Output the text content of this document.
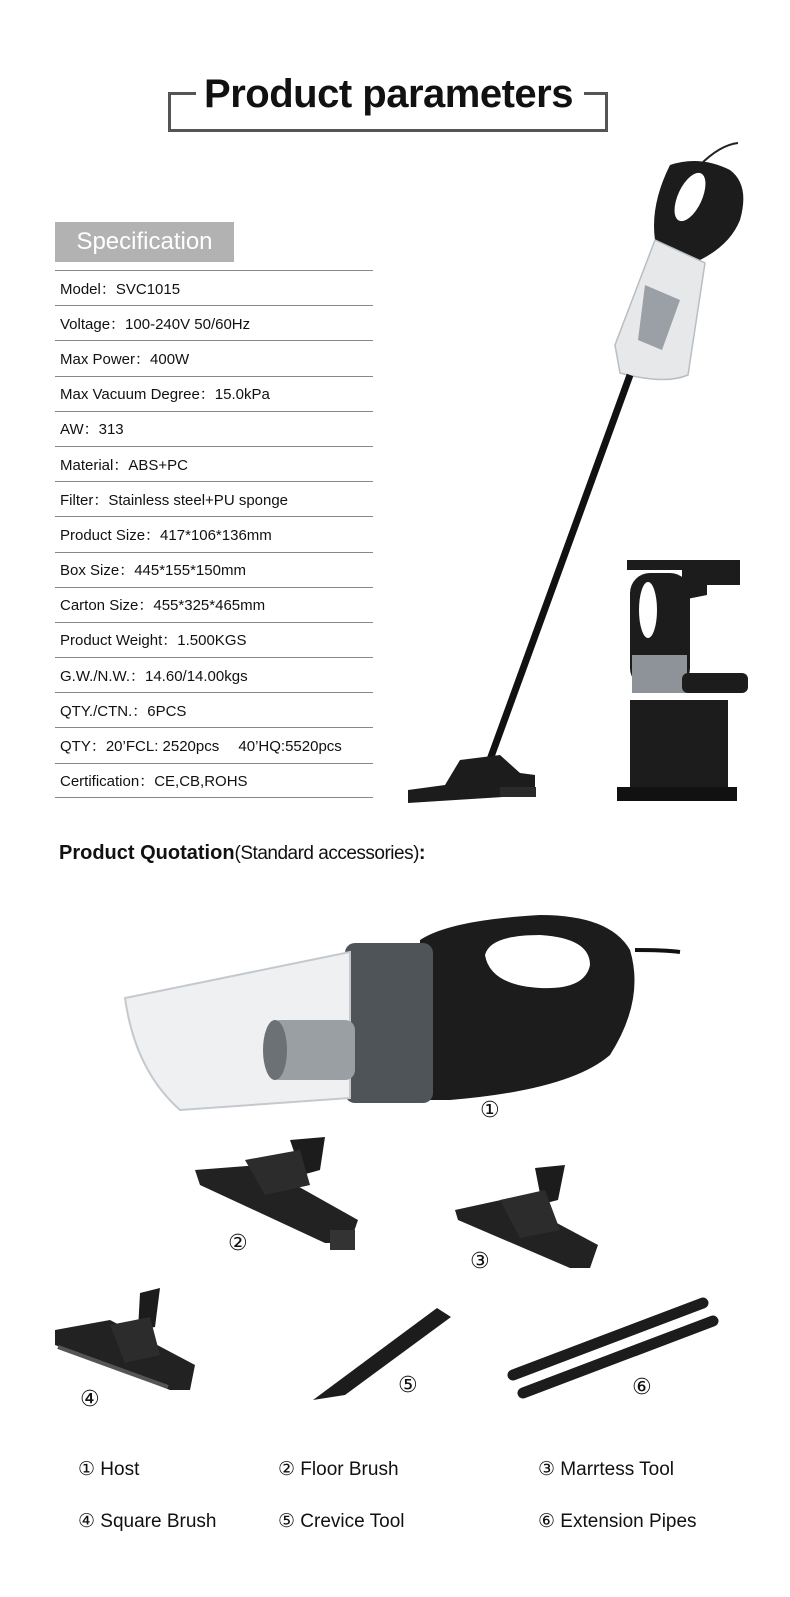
Product parameters
Specification
Model：SVC1015
Voltage：100-240V 50/60Hz
Max Power：400W
Max Vacuum Degree：15.0kPa
AW：313
Material：ABS+PC
Filter：Stainless steel+PU sponge
Product Size：417*106*136mm
Box Size：445*155*150mm
Carton Size：455*325*465mm
Product Weight：1.500KGS
G.W./N.W.：14.60/14.00kgs
QTY./CTN.：6PCS
QTY：20’FCL: 2520pcs　 40’HQ:5520pcs
Certification：CE,CB,ROHS
Product Quotation(Standard accessories):
①
②
③
④
⑤	⑥
① Host	② Floor Brush	③ Marrtess Tool
④ Square Brush	⑤ Crevice Tool	⑥ Extension Pipes
